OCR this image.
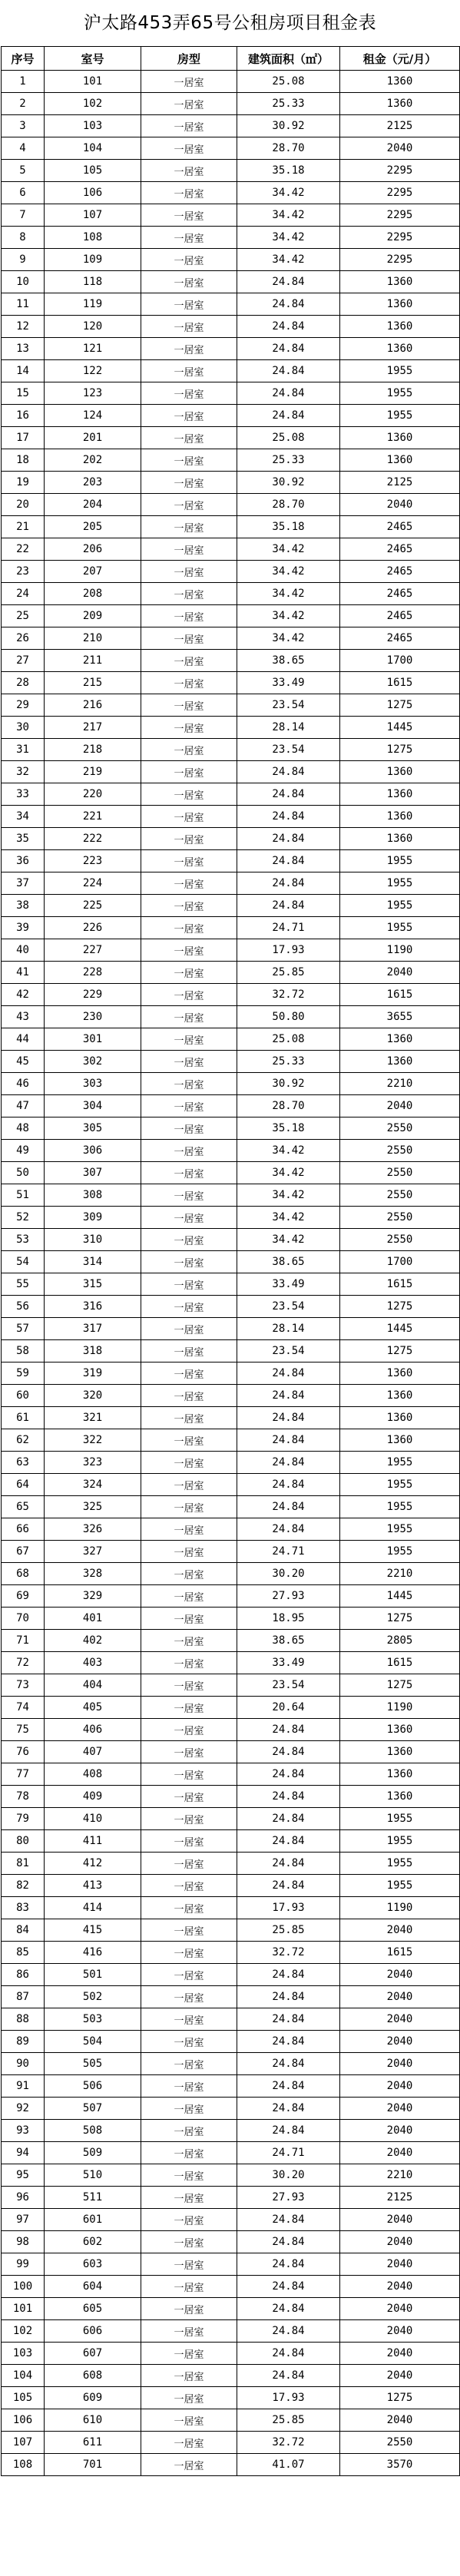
沪太路453弄65号公租房项目租金表
序号	室号	房型	建筑面积（㎡）	租金（元/月）
1	101	一居室	25.08	1360
2	102	一居室	25.33	1360
3	103	一居室	30.92	2125
4	104	一居室	28.70	2040
5	105	一居室	35.18	2295
6	106	一居室	34.42	2295
7	107	一居室	34.42	2295
8	108	一居室	34.42	2295
9	109	一居室	34.42	2295
10	118	一居室	24.84	1360
11	119	一居室	24.84	1360
12	120	一居室	24.84	1360
13	121	一居室	24.84	1360
14	122	一居室	24.84	1955
15	123	一居室	24.84	1955
16	124	一居室	24.84	1955
17	201	一居室	25.08	1360
18	202	一居室	25.33	1360
19	203	一居室	30.92	2125
20	204	一居室	28.70	2040
21	205	一居室	35.18	2465
22	206	一居室	34.42	2465
23	207	一居室	34.42	2465
24	208	一居室	34.42	2465
25	209	一居室	34.42	2465
26	210	一居室	34.42	2465
27	211	一居室	38.65	1700
28	215	一居室	33.49	1615
29	216	一居室	23.54	1275
30	217	一居室	28.14	1445
31	218	一居室	23.54	1275
32	219	一居室	24.84	1360
33	220	一居室	24.84	1360
34	221	一居室	24.84	1360
35	222	一居室	24.84	1360
36	223	一居室	24.84	1955
37	224	一居室	24.84	1955
38	225	一居室	24.84	1955
39	226	一居室	24.71	1955
40	227	一居室	17.93	1190
41	228	一居室	25.85	2040
42	229	一居室	32.72	1615
43	230	一居室	50.80	3655
44	301	一居室	25.08	1360
45	302	一居室	25.33	1360
46	303	一居室	30.92	2210
47	304	一居室	28.70	2040
48	305	一居室	35.18	2550
49	306	一居室	34.42	2550
50	307	一居室	34.42	2550
51	308	一居室	34.42	2550
52	309	一居室	34.42	2550
53	310	一居室	34.42	2550
54	314	一居室	38.65	1700
55	315	一居室	33.49	1615
56	316	一居室	23.54	1275
57	317	一居室	28.14	1445
58	318	一居室	23.54	1275
59	319	一居室	24.84	1360
60	320	一居室	24.84	1360
61	321	一居室	24.84	1360
62	322	一居室	24.84	1360
63	323	一居室	24.84	1955
64	324	一居室	24.84	1955
65	325	一居室	24.84	1955
66	326	一居室	24.84	1955
67	327	一居室	24.71	1955
68	328	一居室	30.20	2210
69	329	一居室	27.93	1445
70	401	一居室	18.95	1275
71	402	一居室	38.65	2805
72	403	一居室	33.49	1615
73	404	一居室	23.54	1275
74	405	一居室	20.64	1190
75	406	一居室	24.84	1360
76	407	一居室	24.84	1360
77	408	一居室	24.84	1360
78	409	一居室	24.84	1360
79	410	一居室	24.84	1955
80	411	一居室	24.84	1955
81	412	一居室	24.84	1955
82	413	一居室	24.84	1955
83	414	一居室	17.93	1190
84	415	一居室	25.85	2040
85	416	一居室	32.72	1615
86	501	一居室	24.84	2040
87	502	一居室	24.84	2040
88	503	一居室	24.84	2040
89	504	一居室	24.84	2040
90	505	一居室	24.84	2040
91	506	一居室	24.84	2040
92	507	一居室	24.84	2040
93	508	一居室	24.84	2040
94	509	一居室	24.71	2040
95	510	一居室	30.20	2210
96	511	一居室	27.93	2125
97	601	一居室	24.84	2040
98	602	一居室	24.84	2040
99	603	一居室	24.84	2040
100	604	一居室	24.84	2040
101	605	一居室	24.84	2040
102	606	一居室	24.84	2040
103	607	一居室	24.84	2040
104	608	一居室	24.84	2040
105	609	一居室	17.93	1275
106	610	一居室	25.85	2040
107	611	一居室	32.72	2550
108	701	一居室	41.07	3570
